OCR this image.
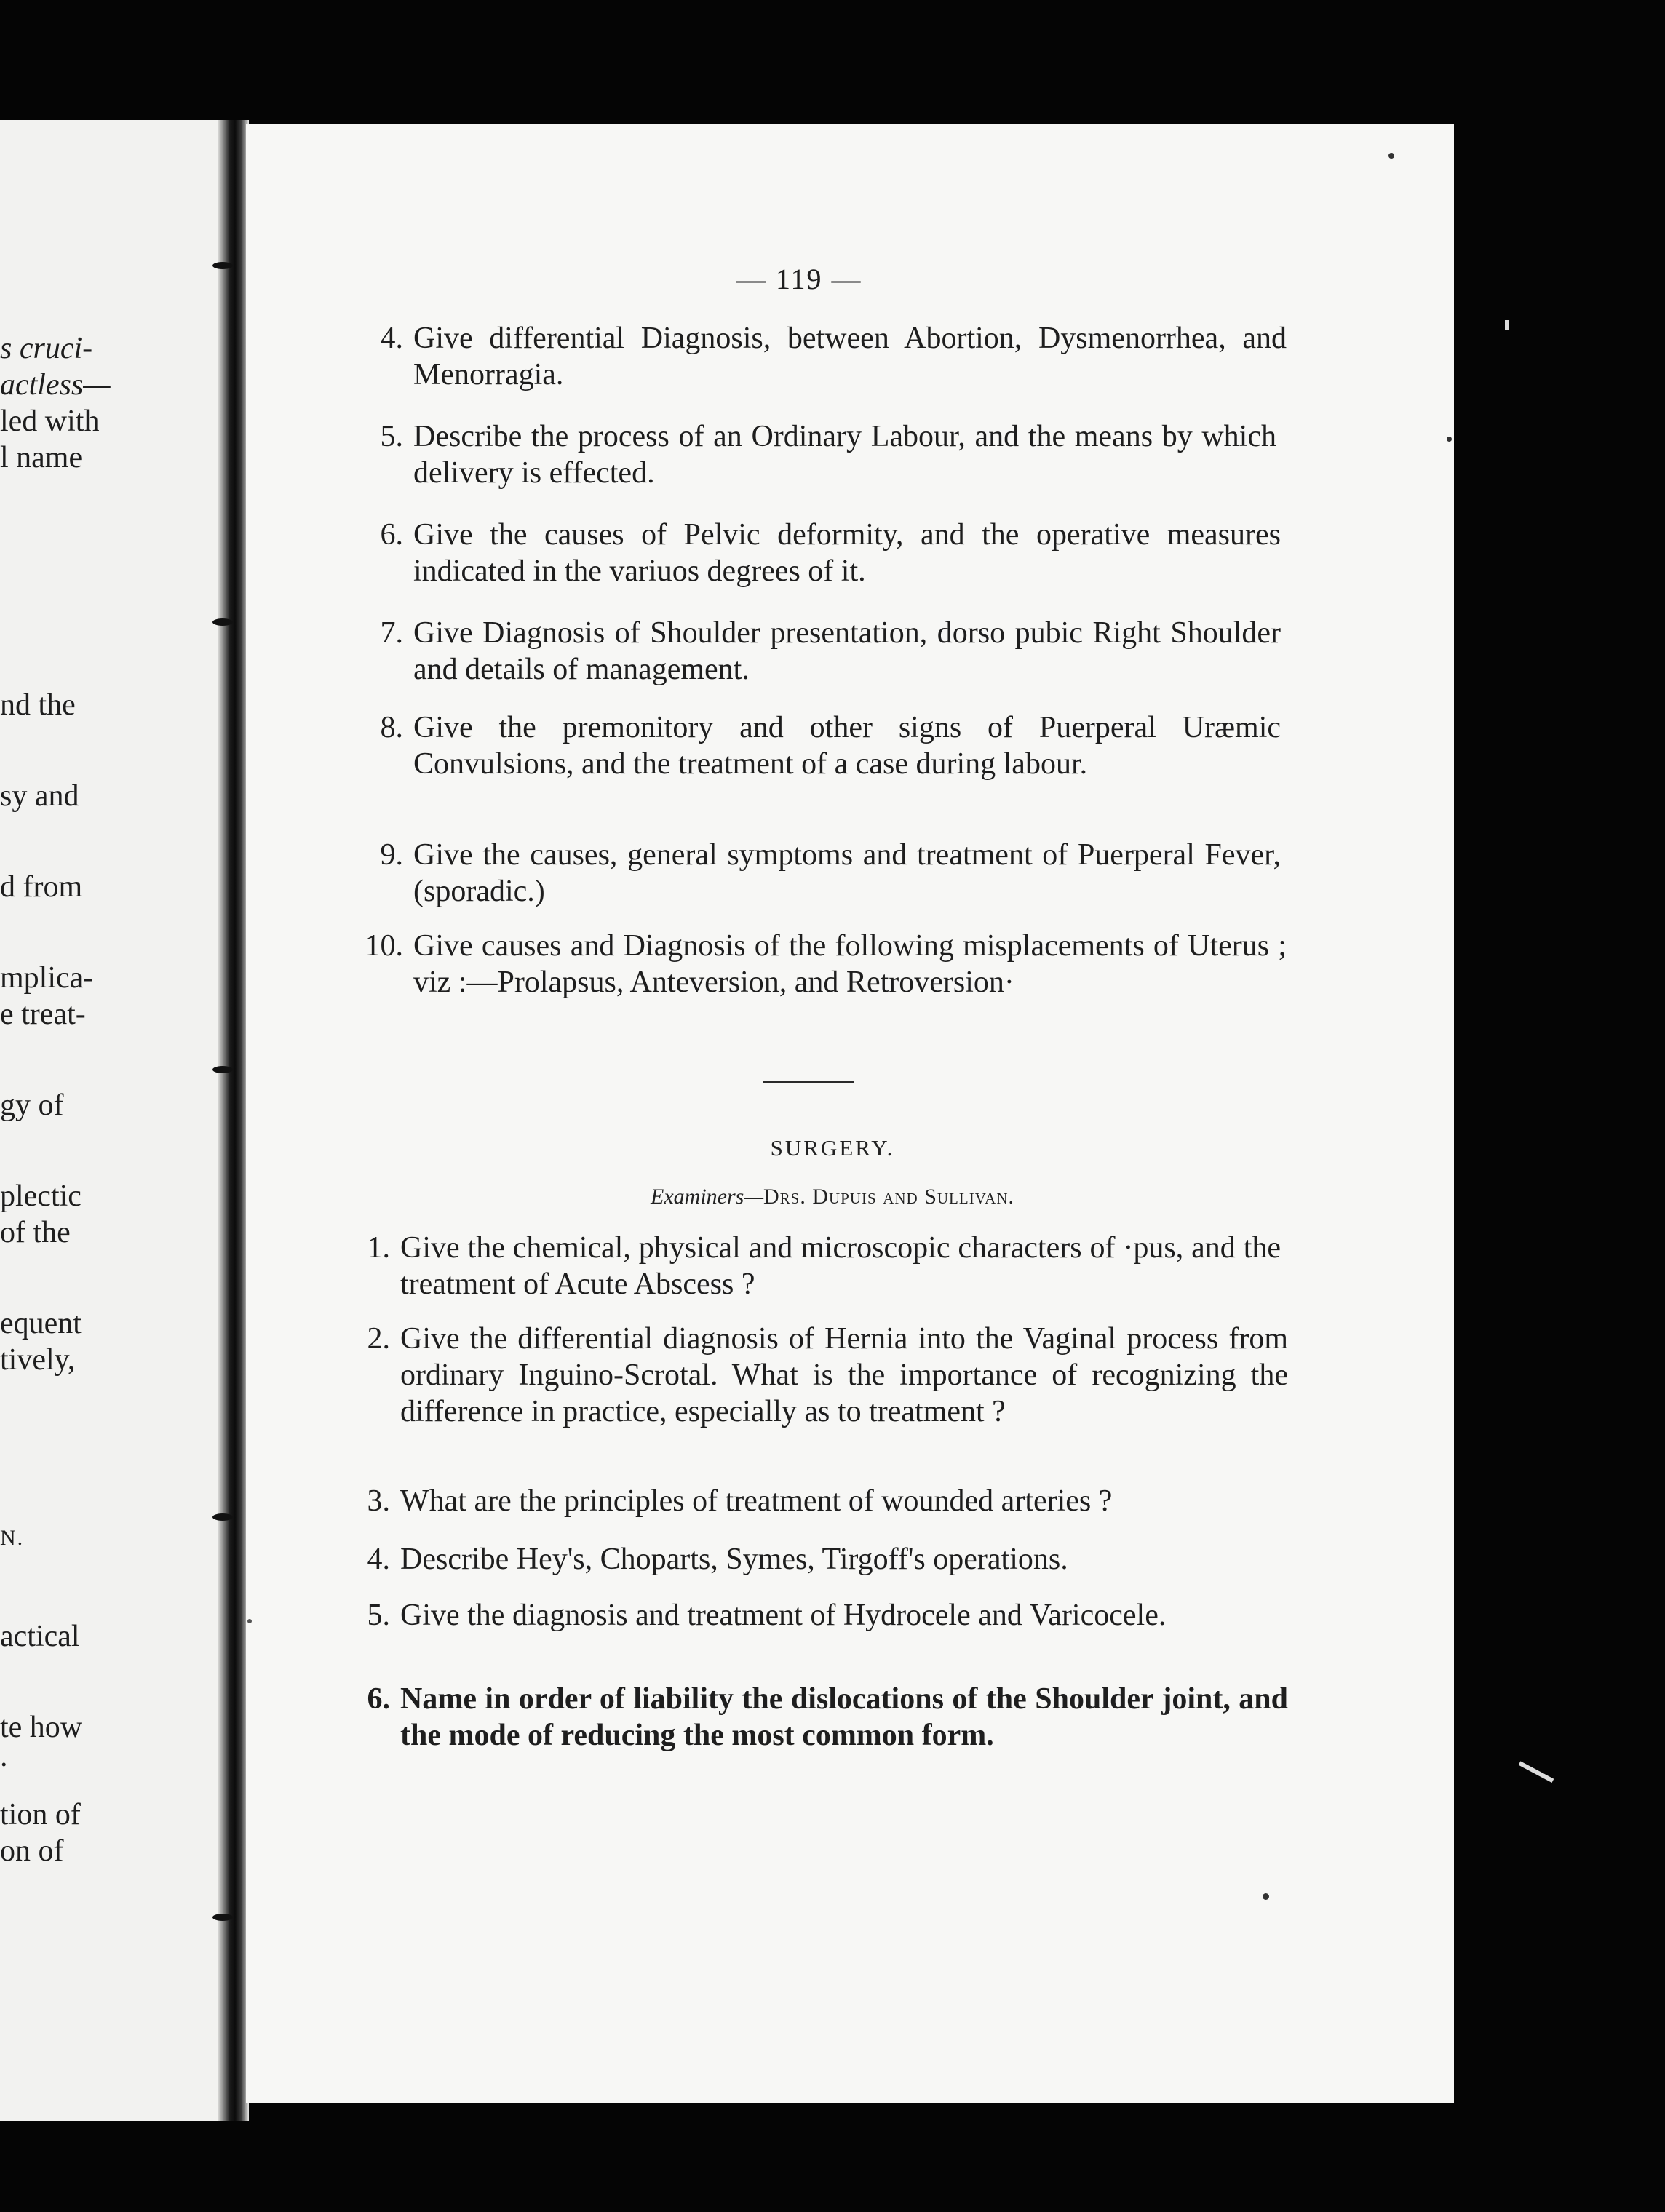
s cruci-
actless—
led with
l name
nd the
sy and
d from
mplica-
e treat-
gy of
plectic
of the
equent
tively,
N.
actical
te how
.
tion of
on of
— 119 —
4. Give differential Diagnosis, between Abortion, Dysmenorrhea, and Menorragia.
5. Describe the process of an Ordinary Labour, and the means by which delivery is effected.
6. Give the causes of Pelvic deformity, and the operative measures indicated in the variuos degrees of it.
7. Give Diagnosis of Shoulder presentation, dorso pubic Right Shoulder and details of management.
8. Give the premonitory and other signs of Puerperal Uræmic Convulsions, and the treatment of a case during labour.
9. Give the causes, general symptoms and treatment of Puerperal Fever, (sporadic.)
10. Give causes and Diagnosis of the following misplacements of Uterus ; viz :—Prolapsus, Anteversion, and Retroversion·
SURGERY.
Examiners—Drs. Dupuis and Sullivan.
1. Give the chemical, physical and microscopic characters of ·pus, and the treatment of Acute Abscess ?
2. Give the differential diagnosis of Hernia into the Vaginal process from ordinary Inguino-Scrotal. What is the importance of recognizing the difference in practice, especially as to treatment ?
3. What are the principles of treatment of wounded arteries ?
4. Describe Hey's, Choparts, Symes, Tirgoff's operations.
5. Give the diagnosis and treatment of Hydrocele and Varicocele.
6. Name in order of liability the dislocations of the Shoulder joint, and the mode of reducing the most common form.
